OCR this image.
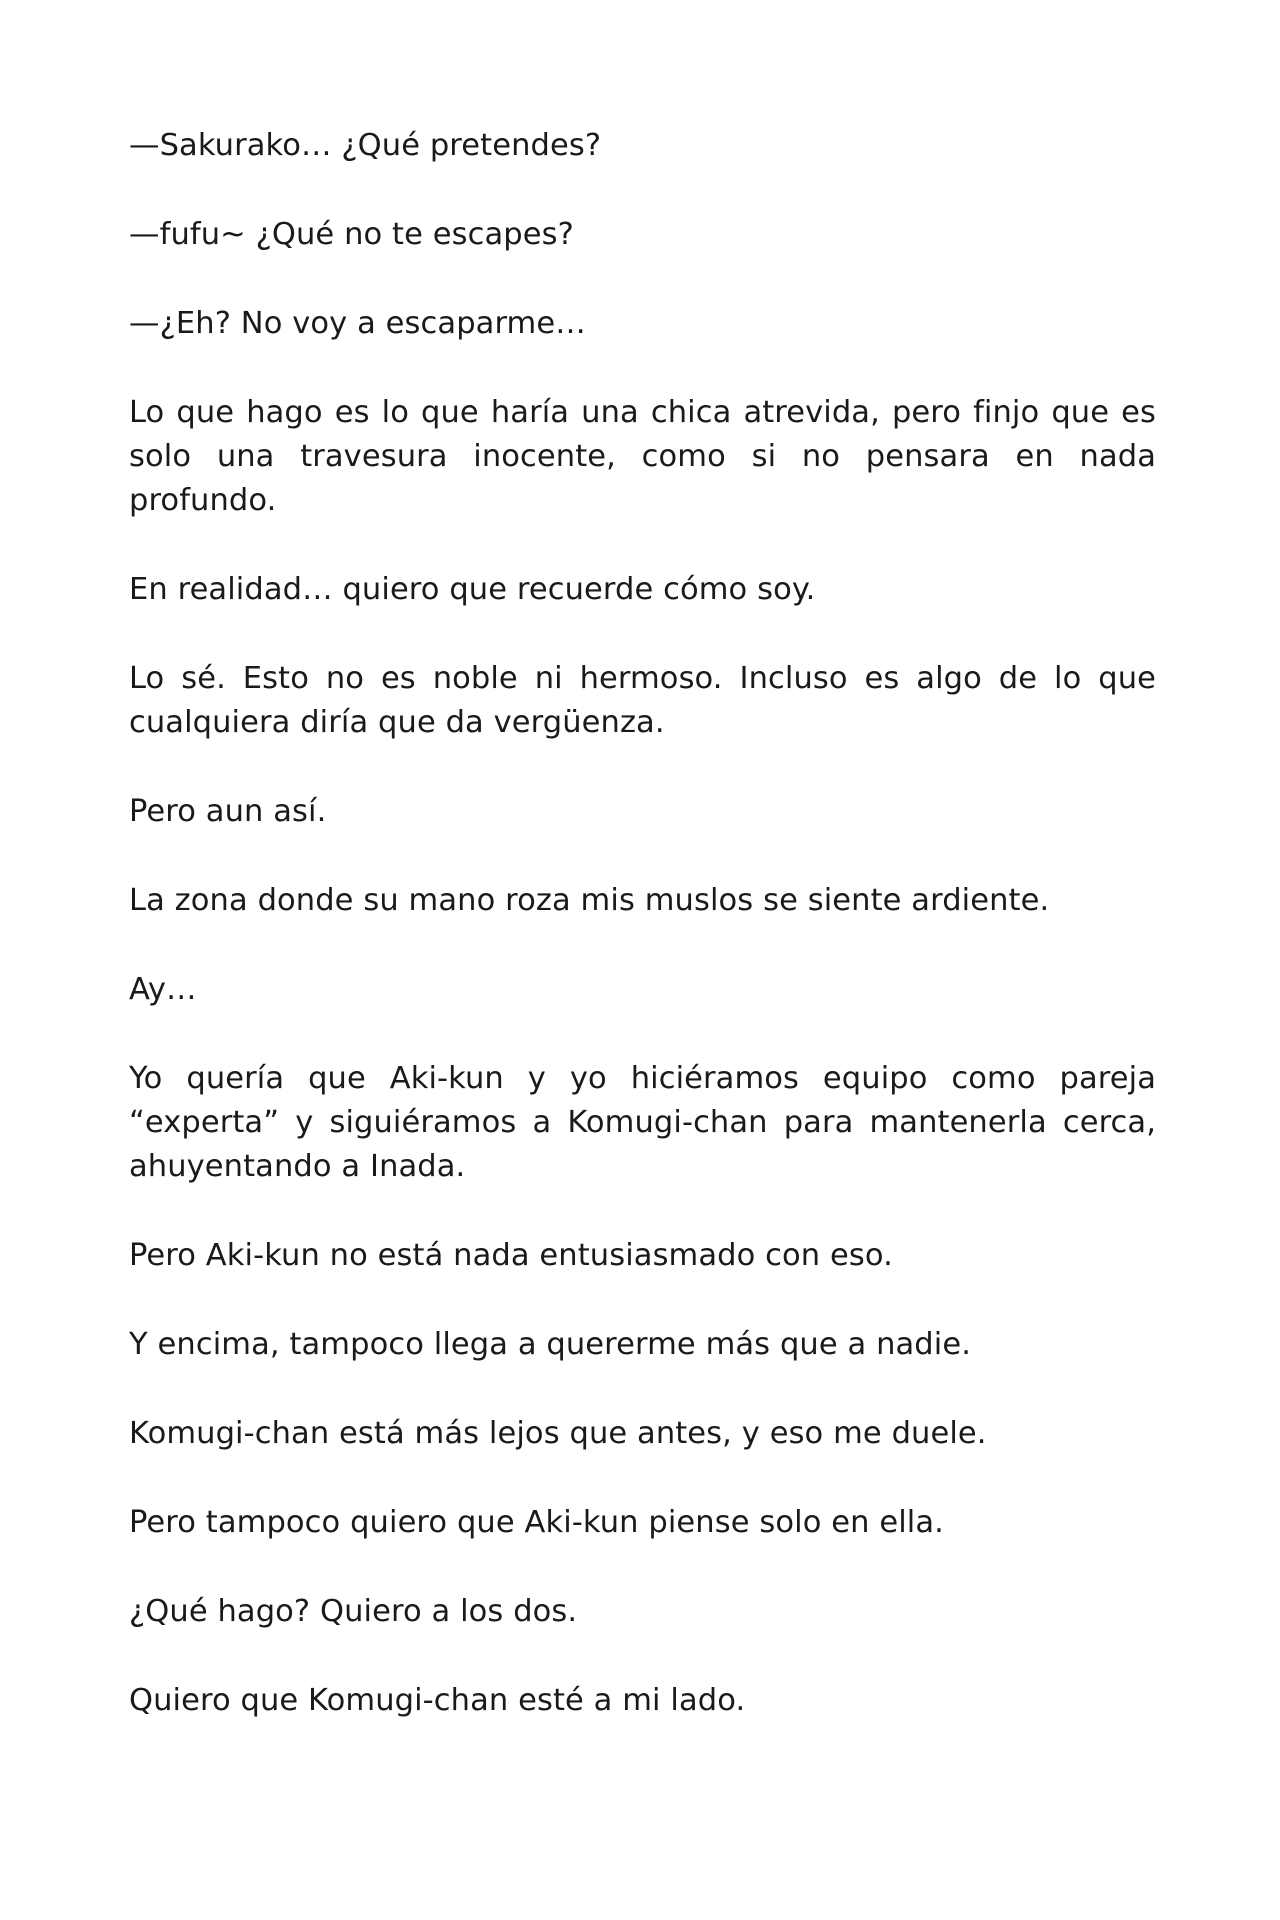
—Sakurako… ¿Qué pretendes?

—fufu~ ¿Qué no te escapes?

—¿Eh? No voy a escaparme…

Lo que hago es lo que haría una chica atrevida, pero finjo que es solo una travesura inocente, como si no pensara en nada profundo.

En realidad… quiero que recuerde cómo soy.

Lo sé. Esto no es noble ni hermoso. Incluso es algo de lo que cualquiera diría que da vergüenza.

Pero aun así.

La zona donde su mano roza mis muslos se siente ardiente.

Ay…

Yo quería que Aki-kun y yo hiciéramos equipo como pareja “experta” y siguiéramos a Komugi-chan para mantenerla cerca, ahuyentando a Inada.

Pero Aki-kun no está nada entusiasmado con eso.

Y encima, tampoco llega a quererme más que a nadie.

Komugi-chan está más lejos que antes, y eso me duele.

Pero tampoco quiero que Aki-kun piense solo en ella.

¿Qué hago? Quiero a los dos.

Quiero que Komugi-chan esté a mi lado.
